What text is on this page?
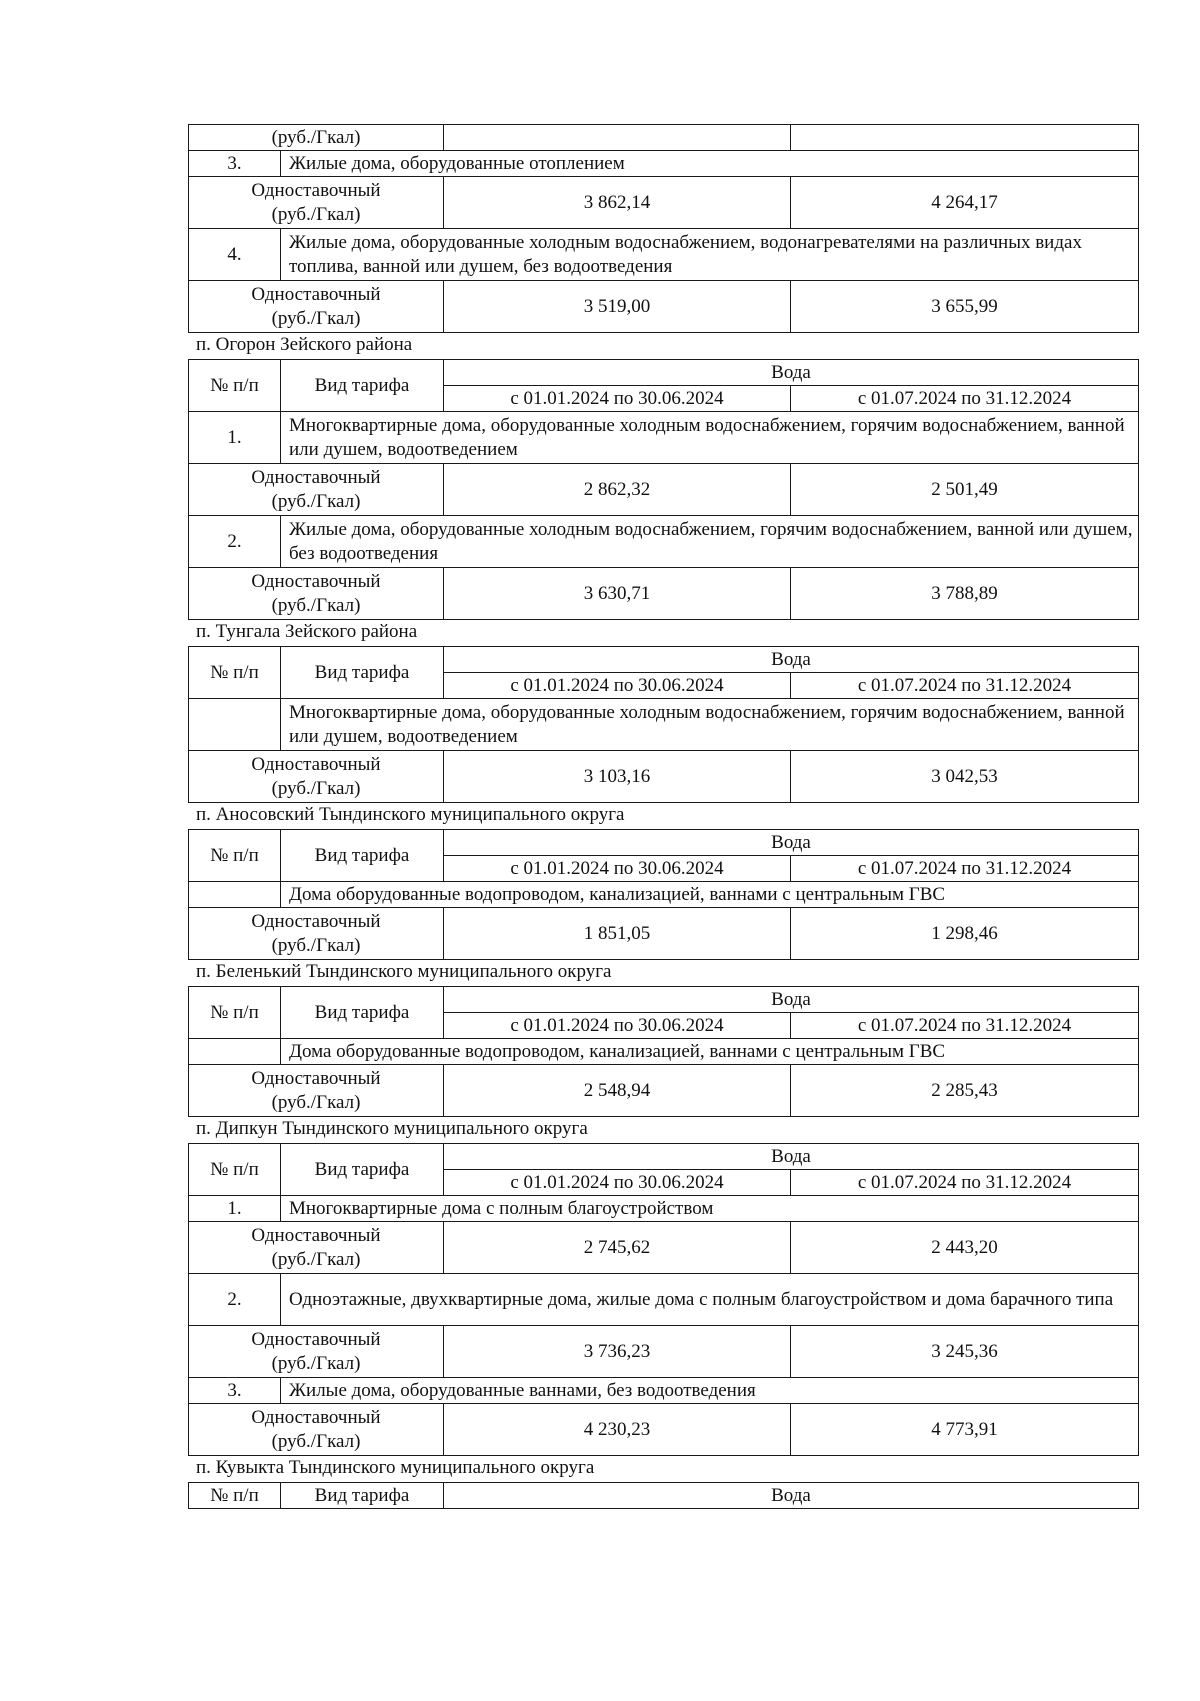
(руб./Гкал)			
3.	Жилые дома, оборудованные отоплением		
Одноставочный
(руб./Гкал)		3 862,14	4 264,17
4.	Жилые дома, оборудованные холодным водоснабжением, водонагревателями на различных видах топлива, ванной или душем, без водоотведения		
Одноставочный
(руб./Гкал)		3 519,00	3 655,99
п. Огорон Зейского района
№ п/п	Вид тарифа	Вода	
		с 01.01.2024 по 30.06.2024	с 01.07.2024 по 31.12.2024
1.	Многоквартирные дома, оборудованные холодным водоснабжением, горячим водоснабжением, ванной или душем, водоотведением		
Одноставочный
(руб./Гкал)		2 862,32	2 501,49
2.	Жилые дома, оборудованные холодным водоснабжением, горячим водоснабжением, ванной или душем, без водоотведения		
Одноставочный
(руб./Гкал)		3 630,71	3 788,89
п. Тунгала Зейского района
№ п/п	Вид тарифа	Вода	
		с 01.01.2024 по 30.06.2024	с 01.07.2024 по 31.12.2024
	Многоквартирные дома, оборудованные холодным водоснабжением, горячим водоснабжением, ванной или душем, водоотведением		
Одноставочный
(руб./Гкал)		3 103,16	3 042,53
п. Аносовский Тындинского муниципального округа
№ п/п	Вид тарифа	Вода	
		с 01.01.2024 по 30.06.2024	с 01.07.2024 по 31.12.2024
	Дома оборудованные водопроводом, канализацией, ваннами с центральным ГВС		
Одноставочный
(руб./Гкал)		1 851,05	1 298,46
п. Беленький Тындинского муниципального округа
№ п/п	Вид тарифа	Вода	
		с 01.01.2024 по 30.06.2024	с 01.07.2024 по 31.12.2024
	Дома оборудованные водопроводом, канализацией, ваннами с центральным ГВС		
Одноставочный
(руб./Гкал)		2 548,94	2 285,43
п. Дипкун Тындинского муниципального округа
№ п/п	Вид тарифа	Вода	
		с 01.01.2024 по 30.06.2024	с 01.07.2024 по 31.12.2024
1.	Многоквартирные дома с полным благоустройством		
Одноставочный
(руб./Гкал)		2 745,62	2 443,20
2.	Одноэтажные, двухквартирные дома, жилые дома с полным благоустройством и дома барачного типа		
Одноставочный
(руб./Гкал)		3 736,23	3 245,36
3.	Жилые дома, оборудованные ваннами, без водоотведения		
Одноставочный
(руб./Гкал)		4 230,23	4 773,91
п. Кувыкта Тындинского муниципального округа
№ п/п	Вид тарифа	Вода
